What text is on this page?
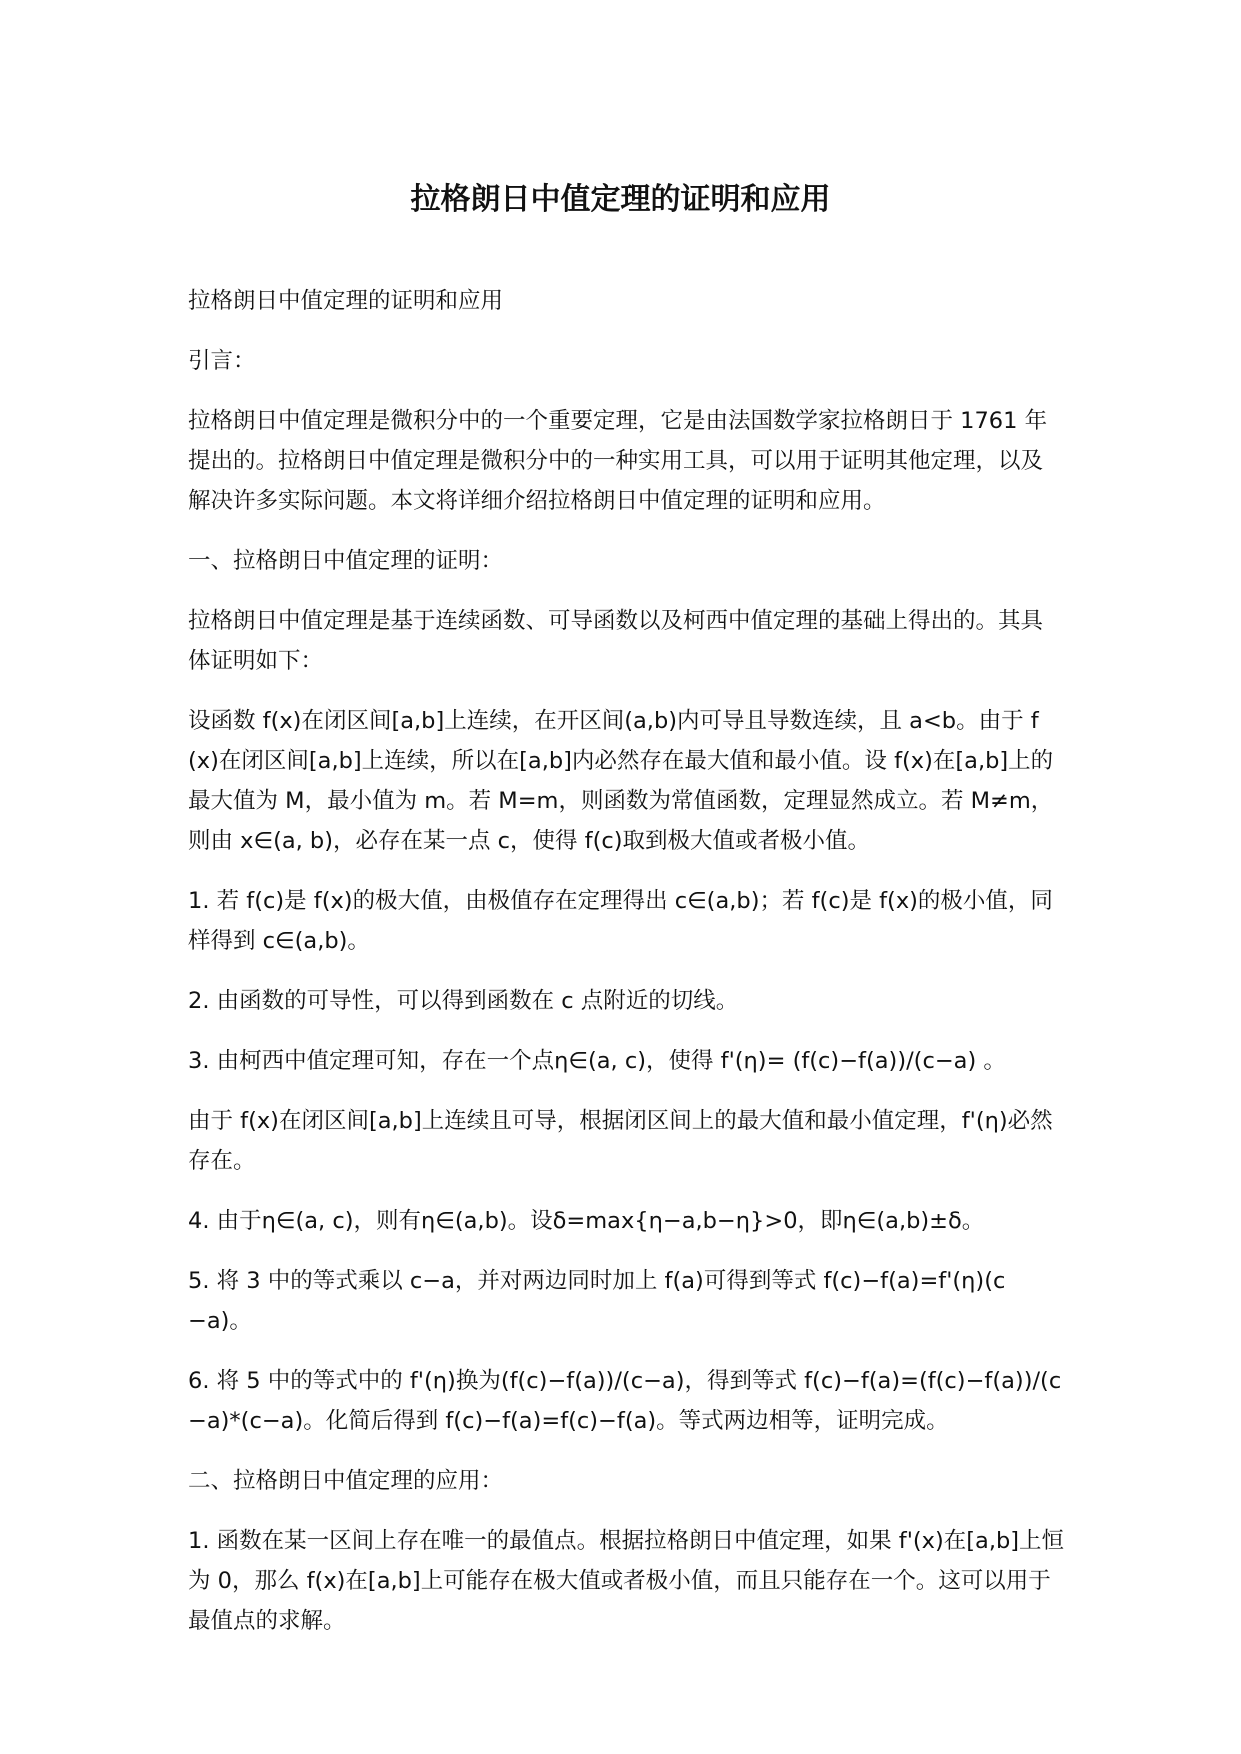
拉格朗日中值定理的证明和应用

拉格朗日中值定理的证明和应用

引言：

拉格朗日中值定理是微积分中的一个重要定理，它是由法国数学家拉格朗日于 1761 年提出的。拉格朗日中值定理是微积分中的一种实用工具，可以用于证明其他定理，以及解决许多实际问题。本文将详细介绍拉格朗日中值定理的证明和应用。

一、拉格朗日中值定理的证明：

拉格朗日中值定理是基于连续函数、可导函数以及柯西中值定理的基础上得出的。其具体证明如下：

设函数 f(x)在闭区间[a,b]上连续，在开区间(a,b)内可导且导数连续，且 a<b。由于 f(x)在闭区间[a,b]上连续，所以在[a,b]内必然存在最大值和最小值。设 f(x)在[a,b]上的最大值为 M，最小值为 m。若 M=m，则函数为常值函数，定理显然成立。若 M≠m，则由 x∈(a, b)，必存在某一点 c，使得 f(c)取到极大值或者极小值。

1. 若 f(c)是 f(x)的极大值，由极值存在定理得出 c∈(a,b)；若 f(c)是 f(x)的极小值，同样得到 c∈(a,b)。

2. 由函数的可导性，可以得到函数在 c 点附近的切线。

3. 由柯西中值定理可知，存在一个点η∈(a, c)，使得 f'(η)= (f(c)−f(a))/(c−a) 。

由于 f(x)在闭区间[a,b]上连续且可导，根据闭区间上的最大值和最小值定理，f'(η)必然存在。

4. 由于η∈(a, c)，则有η∈(a,b)。设δ=max{η−a,b−η}>0，即η∈(a,b)±δ。

5. 将 3 中的等式乘以 c−a，并对两边同时加上 f(a)可得到等式 f(c)−f(a)=f'(η)(c−a)。

6. 将 5 中的等式中的 f'(η)换为(f(c)−f(a))/(c−a)，得到等式 f(c)−f(a)=(f(c)−f(a))/(c−a)*(c−a)。化简后得到 f(c)−f(a)=f(c)−f(a)。等式两边相等，证明完成。

二、拉格朗日中值定理的应用：

1. 函数在某一区间上存在唯一的最值点。根据拉格朗日中值定理，如果 f'(x)在[a,b]上恒为 0，那么 f(x)在[a,b]上可能存在极大值或者极小值，而且只能存在一个。这可以用于最值点的求解。
